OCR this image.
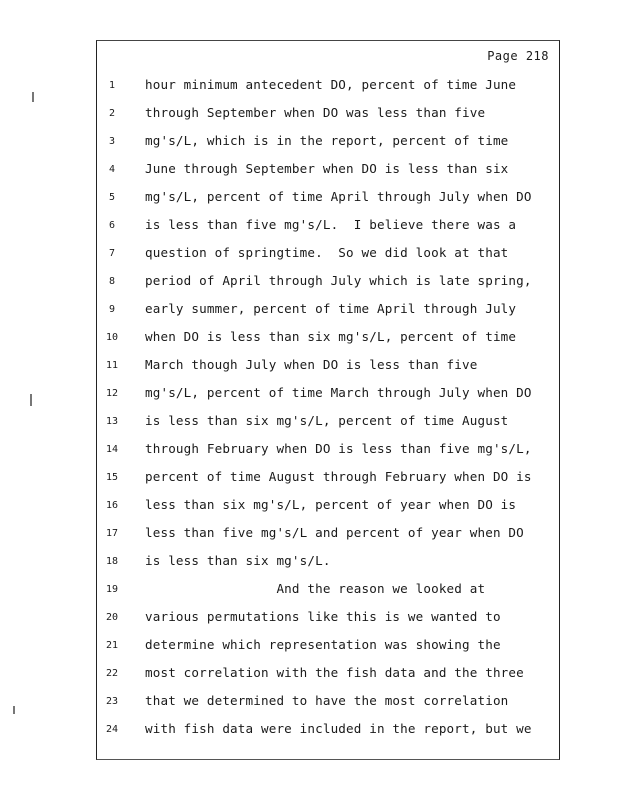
Page 218
1	hour minimum antecedent DO, percent of time June
2	through September when DO was less than five
3	mg's/L, which is in the report, percent of time
4	June through September when DO is less than six
5	mg's/L, percent of time April through July when DO
6	is less than five mg's/L.  I believe there was a
7	question of springtime.  So we did look at that
8	period of April through July which is late spring,
9	early summer, percent of time April through July
10	when DO is less than six mg's/L, percent of time
11	March though July when DO is less than five
12	mg's/L, percent of time March through July when DO
13	is less than six mg's/L, percent of time August
14	through February when DO is less than five mg's/L,
15	percent of time August through February when DO is
16	less than six mg's/L, percent of year when DO is
17	less than five mg's/L and percent of year when DO
18	is less than six mg's/L.
19	And the reason we looked at
20	various permutations like this is we wanted to
21	determine which representation was showing the
22	most correlation with the fish data and the three
23	that we determined to have the most correlation
24	with fish data were included in the report, but we
